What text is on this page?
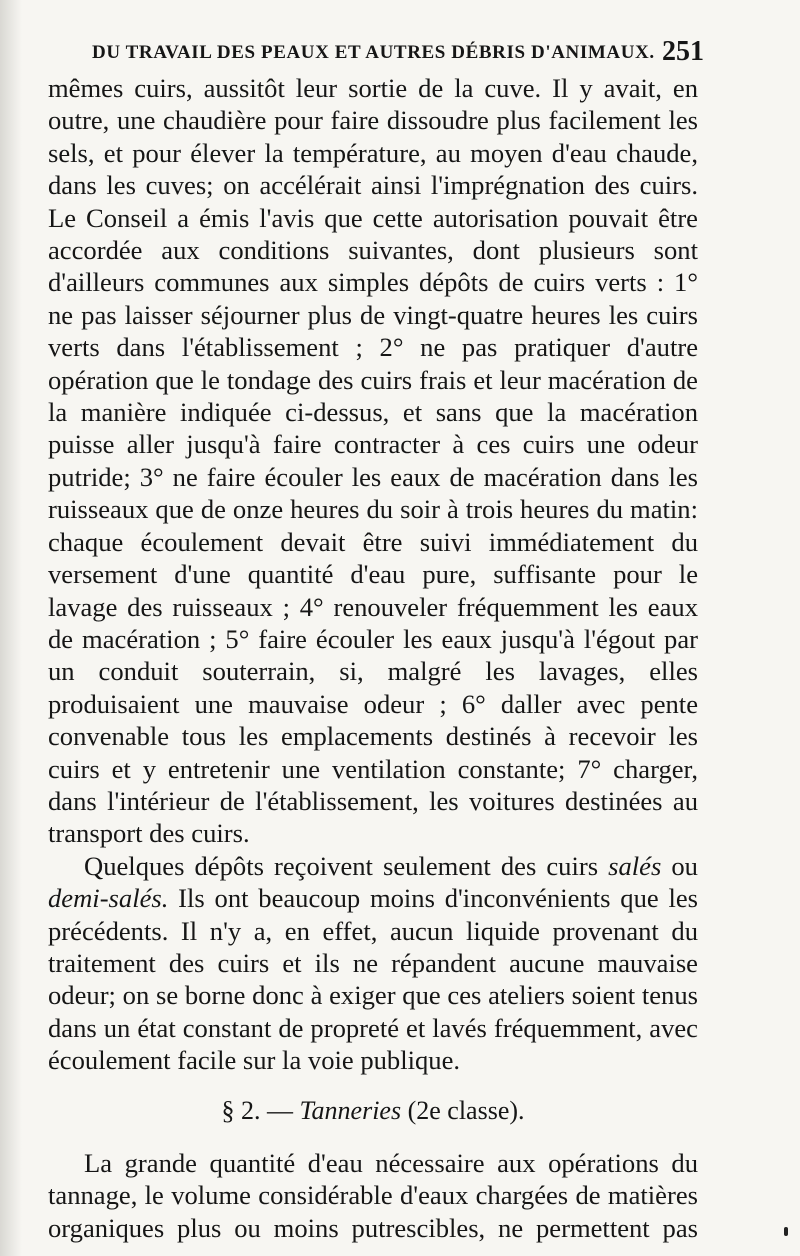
DU TRAVAIL DES PEAUX ET AUTRES DÉBRIS D'ANIMAUX. 251

mêmes cuirs, aussitôt leur sortie de la cuve. Il y avait, en outre, une chaudière pour faire dissoudre plus facilement les sels, et pour élever la température, au moyen d'eau chaude, dans les cuves; on accélérait ainsi l'imprégnation des cuirs. Le Conseil a émis l'avis que cette autorisation pouvait être accordée aux conditions suivantes, dont plusieurs sont d'ailleurs communes aux simples dépôts de cuirs verts : 1° ne pas laisser séjourner plus de vingt-quatre heures les cuirs verts dans l'établissement ; 2° ne pas pratiquer d'autre opération que le tondage des cuirs frais et leur macération de la manière indiquée ci-dessus, et sans que la macération puisse aller jusqu'à faire contracter à ces cuirs une odeur putride; 3° ne faire écouler les eaux de macération dans les ruisseaux que de onze heures du soir à trois heures du matin: chaque écoulement devait être suivi immédiatement du versement d'une quantité d'eau pure, suffisante pour le lavage des ruisseaux ; 4° renouveler fréquemment les eaux de macération ; 5° faire écouler les eaux jusqu'à l'égout par un conduit souterrain, si, malgré les lavages, elles produisaient une mauvaise odeur ; 6° daller avec pente convenable tous les emplacements destinés à recevoir les cuirs et y entretenir une ventilation constante; 7° charger, dans l'intérieur de l'établissement, les voitures destinées au transport des cuirs.

Quelques dépôts reçoivent seulement des cuirs salés ou demi-salés. Ils ont beaucoup moins d'inconvénients que les précédents. Il n'y a, en effet, aucun liquide provenant du traitement des cuirs et ils ne répandent aucune mauvaise odeur; on se borne donc à exiger que ces ateliers soient tenus dans un état constant de propreté et lavés fréquemment, avec écoulement facile sur la voie publique.

§ 2. — Tanneries (2e classe).

La grande quantité d'eau nécessaire aux opérations du tannage, le volume considérable d'eaux chargées de matières organiques plus ou moins putrescibles, ne permettent pas
